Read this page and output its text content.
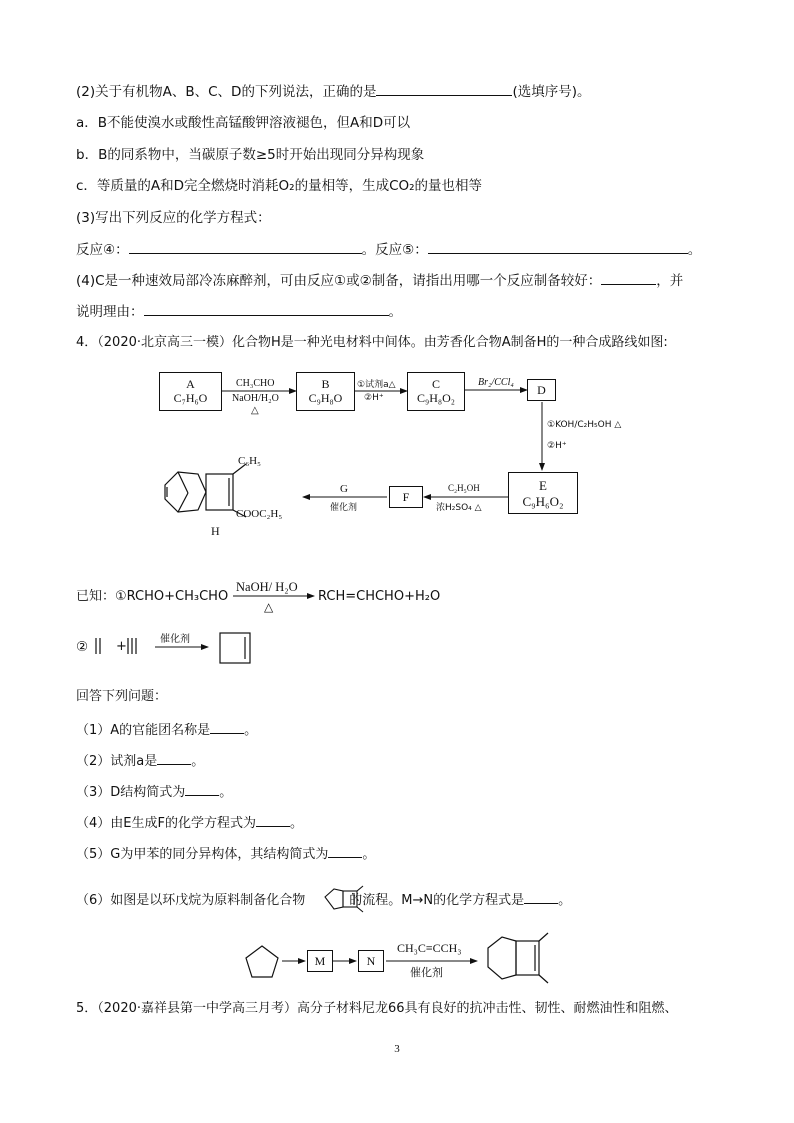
(2)关于有机物A、B、C、D的下列说法，正确的是	(选填序号)。
a．B不能使溴水或酸性高锰酸钾溶液褪色，但A和D可以
b．B的同系物中，当碳原子数≥5时开始出现同分异构现象
c．等质量的A和D完全燃烧时消耗O₂的量相等，生成CO₂的量也相等
(3)写出下列反应的化学方程式：
反应④：	。反应⑤：	。
(4)C是一种速效局部冷冻麻醉剂，可由反应①或②制备，请指出用哪一个反应制备较好：	，并
说明理由：	。
4．（2020·北京高三一模）化合物H是一种光电材料中间体。由芳香化合物A制备H的一种合成路线如图:
A
C₇H₆O
B
C₉H₈O
C
C₉H₈O₂
D
E
C₉H₆O₂
F
CH₃CHO
NaOH/H₂O
△
①试剂a△
②H⁺
Br₂/CCl₄
①KOH/C₂H₅OH △
②H⁺
C₂H₅OH
浓H₂SO₄ △
G
催化剂
C₆H₅
COOC₂H₅
H
已知：①RCHO+CH₃CHO
NaOH/ H₂O
△
RCH=CHCHO+H₂O
② +	催化剂
回答下列问题：
（1）A的官能团名称是	。
（2）试剂a是	。
（3）D结构简式为	。
（4）由E生成F的化学方程式为	。
（5）G为甲苯的同分异构体，其结构简式为	。
（6）如图是以环戊烷为原料制备化合物	的流程。M→N的化学方程式是	。
M	N
CH₃C≡CCH₃
催化剂
5．（2020·嘉祥县第一中学高三月考）高分子材料尼龙66具有良好的抗冲击性、韧性、耐燃油性和阻燃、
3
